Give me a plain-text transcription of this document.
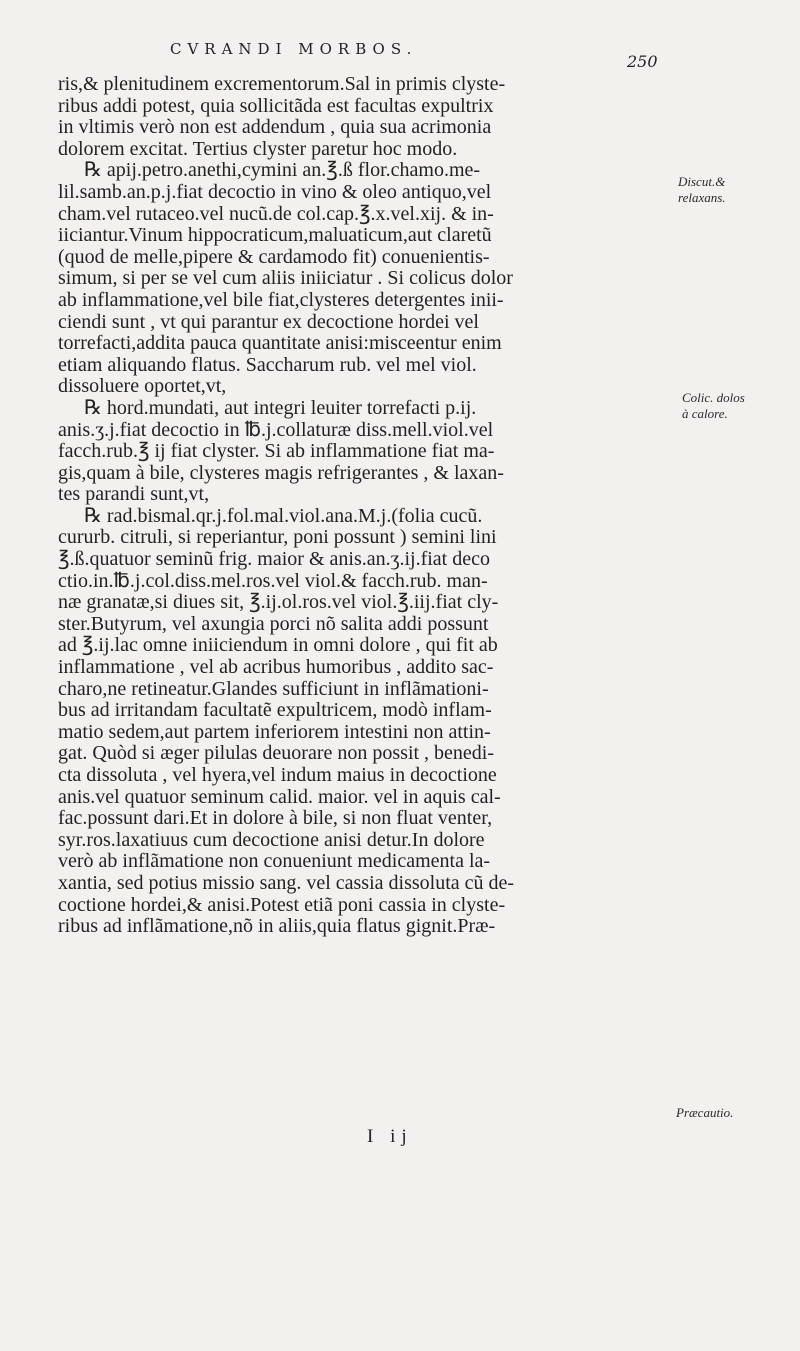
CVRANDI MORBOS.
250
ris,& plenitudinem excrementorum.Sal in primis clyste-
ribus addi potest, quia sollicitãda est facultas expultrix
in vltimis verò non est addendum , quia sua acrimonia
dolorem excitat. Tertius clyster paretur hoc modo.
℞ apij.petro.anethi,cymini an.℥.ß flor.chamo.me-
lil.samb.an.p.j.fiat decoctio in vino & oleo antiquo,vel
cham.vel rutaceo.vel nucũ.de col.cap.℥.x.vel.xij. & in-
iiciantur.Vinum hippocraticum,maluaticum,aut claretũ
(quod de melle,pipere & cardamodo fit) conuenientis-
simum, si per se vel cum aliis iniiciatur . Si colicus dolor
ab inflammatione,vel bile fiat,clysteres detergentes inii-
ciendi sunt , vt qui parantur ex decoctione hordei vel
torrefacti,addita pauca quantitate anisi:misceentur enim
etiam aliquando flatus. Saccharum rub. vel mel viol.
dissoluere oportet,vt,
℞ hord.mundati, aut integri leuiter torrefacti p.ij.
anis.ʒ.j.fiat decoctio in ℔.j.collaturæ diss.mell.viol.vel
facch.rub.℥ ij fiat clyster. Si ab inflammatione fiat ma-
gis,quam à bile, clysteres magis refrigerantes , & laxan-
tes parandi sunt,vt,
℞ rad.bismal.qr.j.fol.mal.viol.ana.M.j.(folia cucũ.
cururb. citruli, si reperiantur, poni possunt ) semini lini
℥.ß.quatuor seminũ frig. maior & anis.an.ʒ.ij.fiat deco
ctio.in.℔.j.col.diss.mel.ros.vel viol.& facch.rub. man-
næ granatæ,si diues sit, ℥.ij.ol.ros.vel viol.℥.iij.fiat cly-
ster.Butyrum, vel axungia porci nõ salita addi possunt
ad ℥.ij.lac omne iniiciendum in omni dolore , qui fit ab
inflammatione , vel ab acribus humoribus , addito sac-
charo,ne retineatur.Glandes sufficiunt in inflãmationi-
bus ad irritandam facultatẽ expultricem, modò inflam-
matio sedem,aut partem inferiorem intestini non attin-
gat. Quòd si æger pilulas deuorare non possit , benedi-
cta dissoluta , vel hyera,vel indum maius in decoctione
anis.vel quatuor seminum calid. maior. vel in aquis cal-
fac.possunt dari.Et in dolore à bile, si non fluat venter,
syr.ros.laxatiuus cum decoctione anisi detur.In dolore
verò ab inflãmatione non conueniunt medicamenta la-
xantia, sed potius missio sang. vel cassia dissoluta cũ de-
coctione hordei,& anisi.Potest etiã poni cassia in clyste-
ribus ad inflãmatione,nõ in aliis,quia flatus gignit.Præ-
Discut.&
relaxans.
Colic. dolos
à calore.
Præcautio.
I ij
